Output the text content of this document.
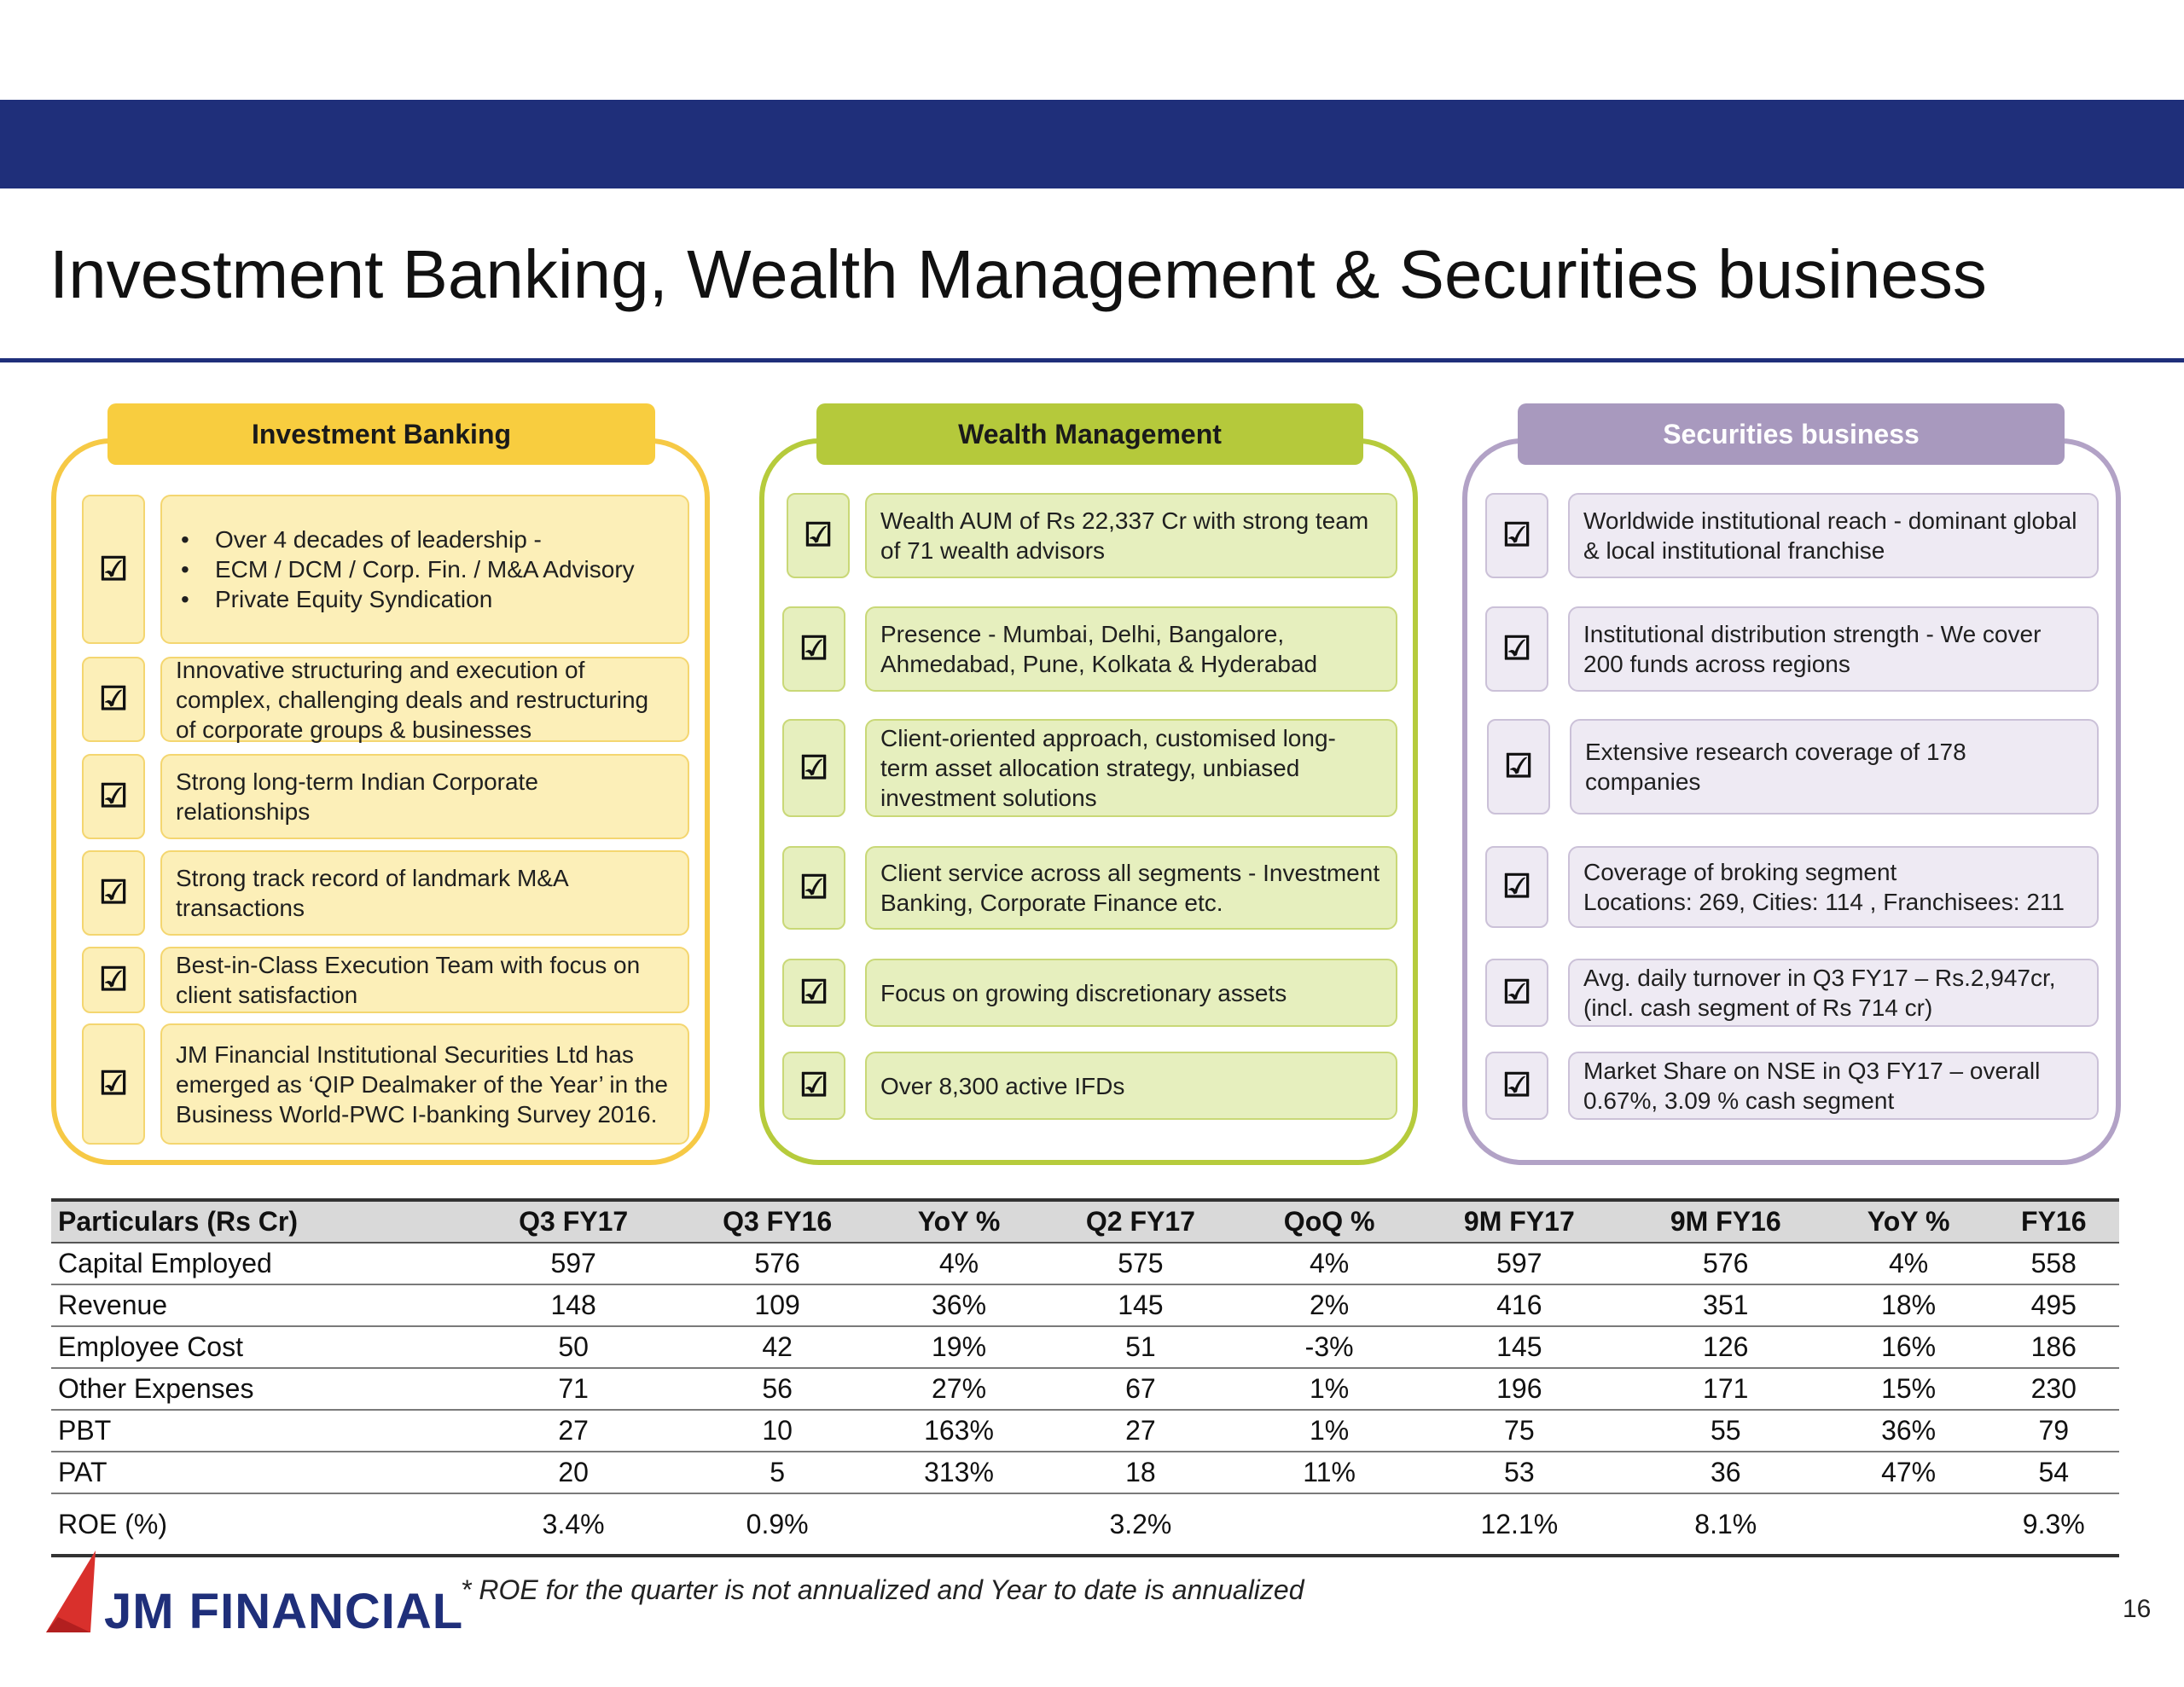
Investment Banking, Wealth Management & Securities business
Investment Banking
☑
• Over 4 decades of leadership -
• ECM / DCM / Corp. Fin. / M&A Advisory
• Private Equity Syndication
☑
Innovative structuring and execution of complex, challenging deals and restructuring of corporate groups & businesses
☑	Strong long-term Indian Corporate relationships
☑	Strong track record of landmark M&A transactions
☑	Best-in-Class Execution Team with focus on client satisfaction
☑
JM Financial Institutional Securities Ltd has emerged as ‘QIP Dealmaker of the Year’ in the Business World-PWC I-banking Survey 2016.
Wealth Management
☑	Wealth AUM of Rs 22,337 Cr with strong team of 71 wealth advisors
☑	Presence - Mumbai, Delhi, Bangalore, Ahmedabad, Pune, Kolkata & Hyderabad
☑
Client-oriented approach, customised long-term asset allocation strategy, unbiased investment solutions
☑	Client service across all segments - Investment Banking, Corporate Finance etc.
☑	Focus on growing discretionary assets
☑	Over 8,300 active IFDs
Securities business
☑	Worldwide institutional reach - dominant global & local institutional franchise
☑	Institutional distribution strength - We cover 200 funds across regions
☑	Extensive research coverage of 178 companies
☑	Coverage of broking segment
Locations: 269, Cities: 114 , Franchisees: 211
☑	Avg. daily turnover in Q3 FY17 – Rs.2,947cr, (incl. cash segment of Rs 714 cr)
☑	Market Share on NSE in Q3 FY17 – overall 0.67%, 3.09 % cash segment
Particulars (Rs Cr)	Q3 FY17	Q3 FY16	YoY %	Q2 FY17	QoQ %	9M FY17	9M FY16	YoY %	FY16
Capital Employed	597	576	4%	575	4%	597	576	4%	558
Revenue	148	109	36%	145	2%	416	351	18%	495
Employee Cost	50	42	19%	51	-3%	145	126	16%	186
Other Expenses	71	56	27%	67	1%	196	171	15%	230
PBT	27	10	163%	27	1%	75	55	36%	79
PAT	20	5	313%	18	11%	53	36	47%	54
ROE (%)	3.4%	0.9%		3.2%		12.1%	8.1%		9.3%
* ROE for the quarter is not annualized and Year to date is annualized
16
JM FINANCIAL
